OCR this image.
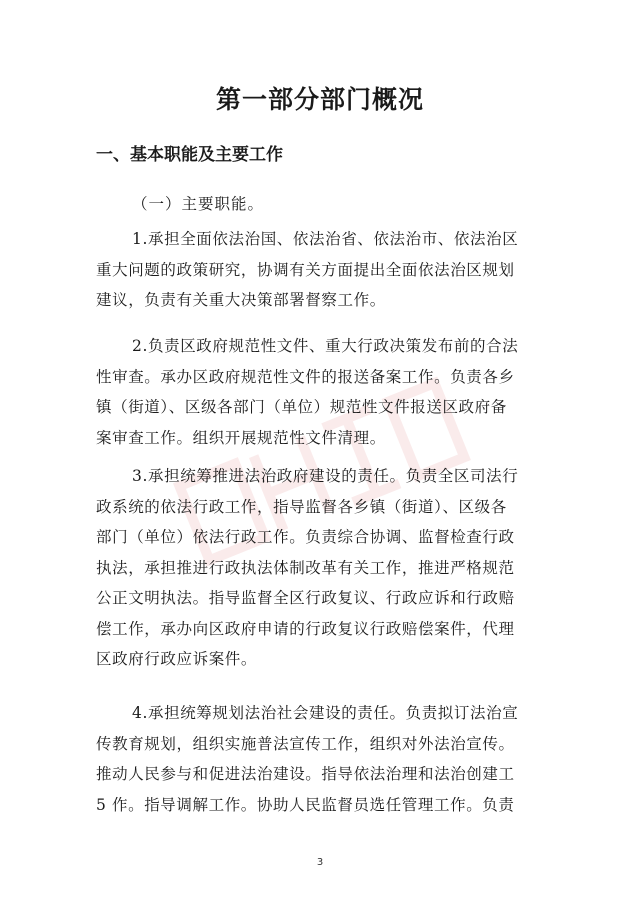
第一部分部门概况
一、基本职能及主要工作
（一）主要职能。
1.承担全面依法治国、依法治省、依法治市、依法治区
重大问题的政策研究，协调有关方面提出全面依法治区规划
建议，负责有关重大决策部署督察工作。
2.负责区政府规范性文件、重大行政决策发布前的合法
性审查。承办区政府规范性文件的报送备案工作。负责各乡
镇（街道）、区级各部门（单位）规范性文件报送区政府备
案审查工作。组织开展规范性文件清理。
3.承担统筹推进法治政府建设的责任。负责全区司法行
政系统的依法行政工作，指导监督各乡镇（街道）、区级各
部门（单位）依法行政工作。负责综合协调、监督检查行政
执法，承担推进行政执法体制改革有关工作，推进严格规范
公正文明执法。指导监督全区行政复议、行政应诉和行政赔
偿工作，承办向区政府申请的行政复议行政赔偿案件，代理
区政府行政应诉案件。
4.承担统筹规划法治社会建设的责任。负责拟订法治宣
传教育规划，组织实施普法宣传工作，组织对外法治宣传。
推动人民参与和促进法治建设。指导依法治理和法治创建工
5 作。指导调解工作。协助人民监督员选任管理工作。负责
3
